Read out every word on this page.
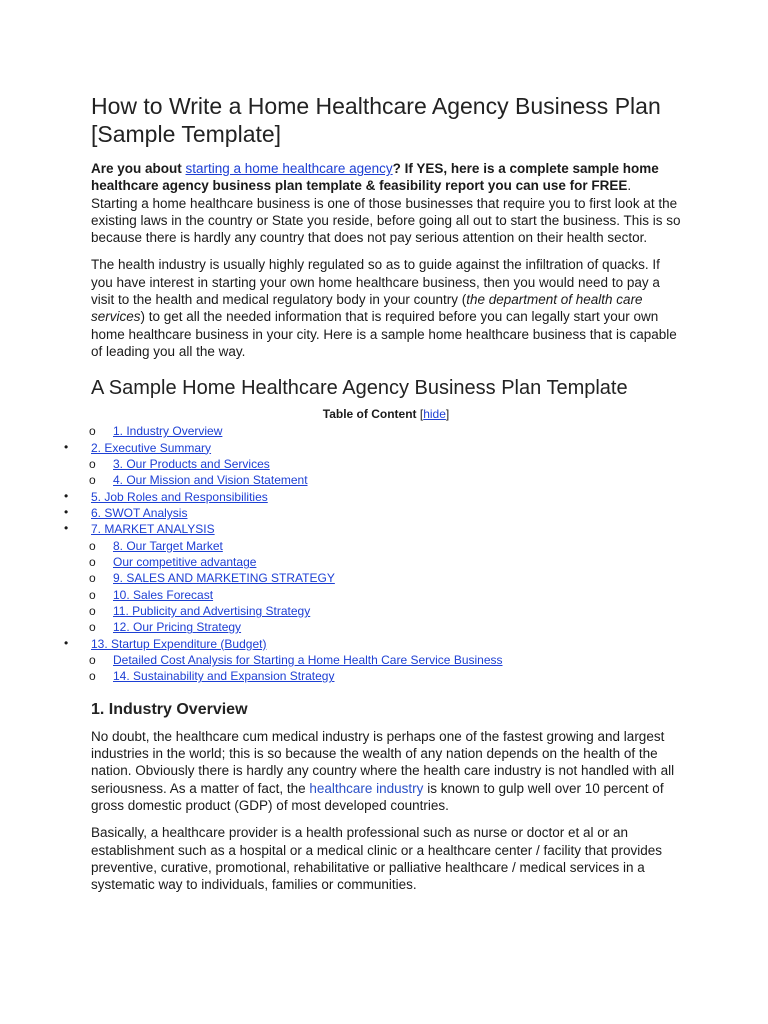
How to Write a Home Healthcare Agency Business Plan [Sample Template]

Are you about starting a home healthcare agency? If YES, here is a complete sample home healthcare agency business plan template & feasibility report you can use for FREE. Starting a home healthcare business is one of those businesses that require you to first look at the existing laws in the country or State you reside, before going all out to start the business. This is so because there is hardly any country that does not pay serious attention on their health sector.

The health industry is usually highly regulated so as to guide against the infiltration of quacks. If you have interest in starting your own home healthcare business, then you would need to pay a visit to the health and medical regulatory body in your country (the department of health care services) to get all the needed information that is required before you can legally start your own home healthcare business in your city. Here is a sample home healthcare business that is capable of leading you all the way.

A Sample Home Healthcare Agency Business Plan Template
Table of Content [hide]
o 1. Industry Overview
• 2. Executive Summary
o 3. Our Products and Services
o 4. Our Mission and Vision Statement
• 5. Job Roles and Responsibilities
• 6. SWOT Analysis
• 7. MARKET ANALYSIS
o 8. Our Target Market
o Our competitive advantage
o 9. SALES AND MARKETING STRATEGY
o 10. Sales Forecast
o 11. Publicity and Advertising Strategy
o 12. Our Pricing Strategy
• 13. Startup Expenditure (Budget)
o Detailed Cost Analysis for Starting a Home Health Care Service Business
o 14. Sustainability and Expansion Strategy
1. Industry Overview

No doubt, the healthcare cum medical industry is perhaps one of the fastest growing and largest industries in the world; this is so because the wealth of any nation depends on the health of the nation. Obviously there is hardly any country where the health care industry is not handled with all seriousness. As a matter of fact, the healthcare industry is known to gulp well over 10 percent of gross domestic product (GDP) of most developed countries.

Basically, a healthcare provider is a health professional such as nurse or doctor et al or an establishment such as a hospital or a medical clinic or a healthcare center / facility that provides preventive, curative, promotional, rehabilitative or palliative healthcare / medical services in a systematic way to individuals, families or communities.
